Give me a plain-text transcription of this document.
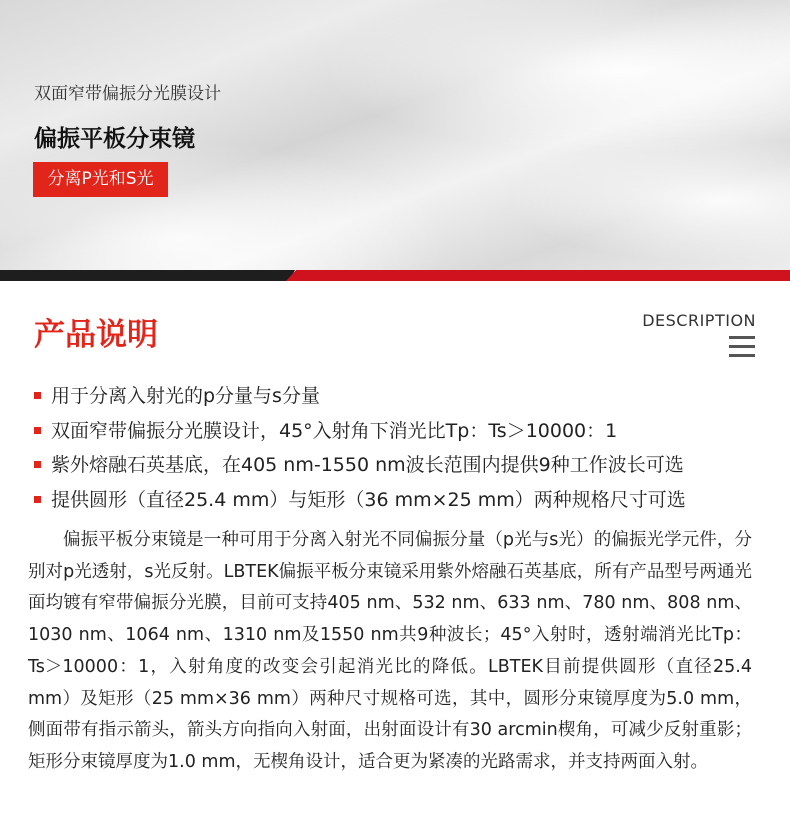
双面窄带偏振分光膜设计
偏振平板分束镜
分离P光和S光
产品说明	DESCRIPTION
用于分离入射光的p分量与s分量
双面窄带偏振分光膜设计，45°入射角下消光比Tp：Ts＞10000：1
紫外熔融石英基底，在405 nm-1550 nm波长范围内提供9种工作波长可选
提供圆形（直径25.4 mm）与矩形（36 mm×25 mm）两种规格尺寸可选

偏振平板分束镜是一种可用于分离入射光不同偏振分量（p光与s光）的偏振光学元件，分别对p光透射，s光反射。LBTEK偏振平板分束镜采用紫外熔融石英基底，所有产品型号两通光面均镀有窄带偏振分光膜，目前可支持405 nm、532 nm、633 nm、780 nm、808 nm、1030 nm、1064 nm、1310 nm及1550 nm共9种波长；45°入射时，透射端消光比Tp：Ts＞10000：1，入射角度的改变会引起消光比的降低。LBTEK目前提供圆形（直径25.4 mm）及矩形（25 mm×36 mm）两种尺寸规格可选，其中，圆形分束镜厚度为5.0 mm，侧面带有指示箭头，箭头方向指向入射面，出射面设计有30 arcmin楔角，可减少反射重影；矩形分束镜厚度为1.0 mm，无楔角设计，适合更为紧凑的光路需求，并支持两面入射。
